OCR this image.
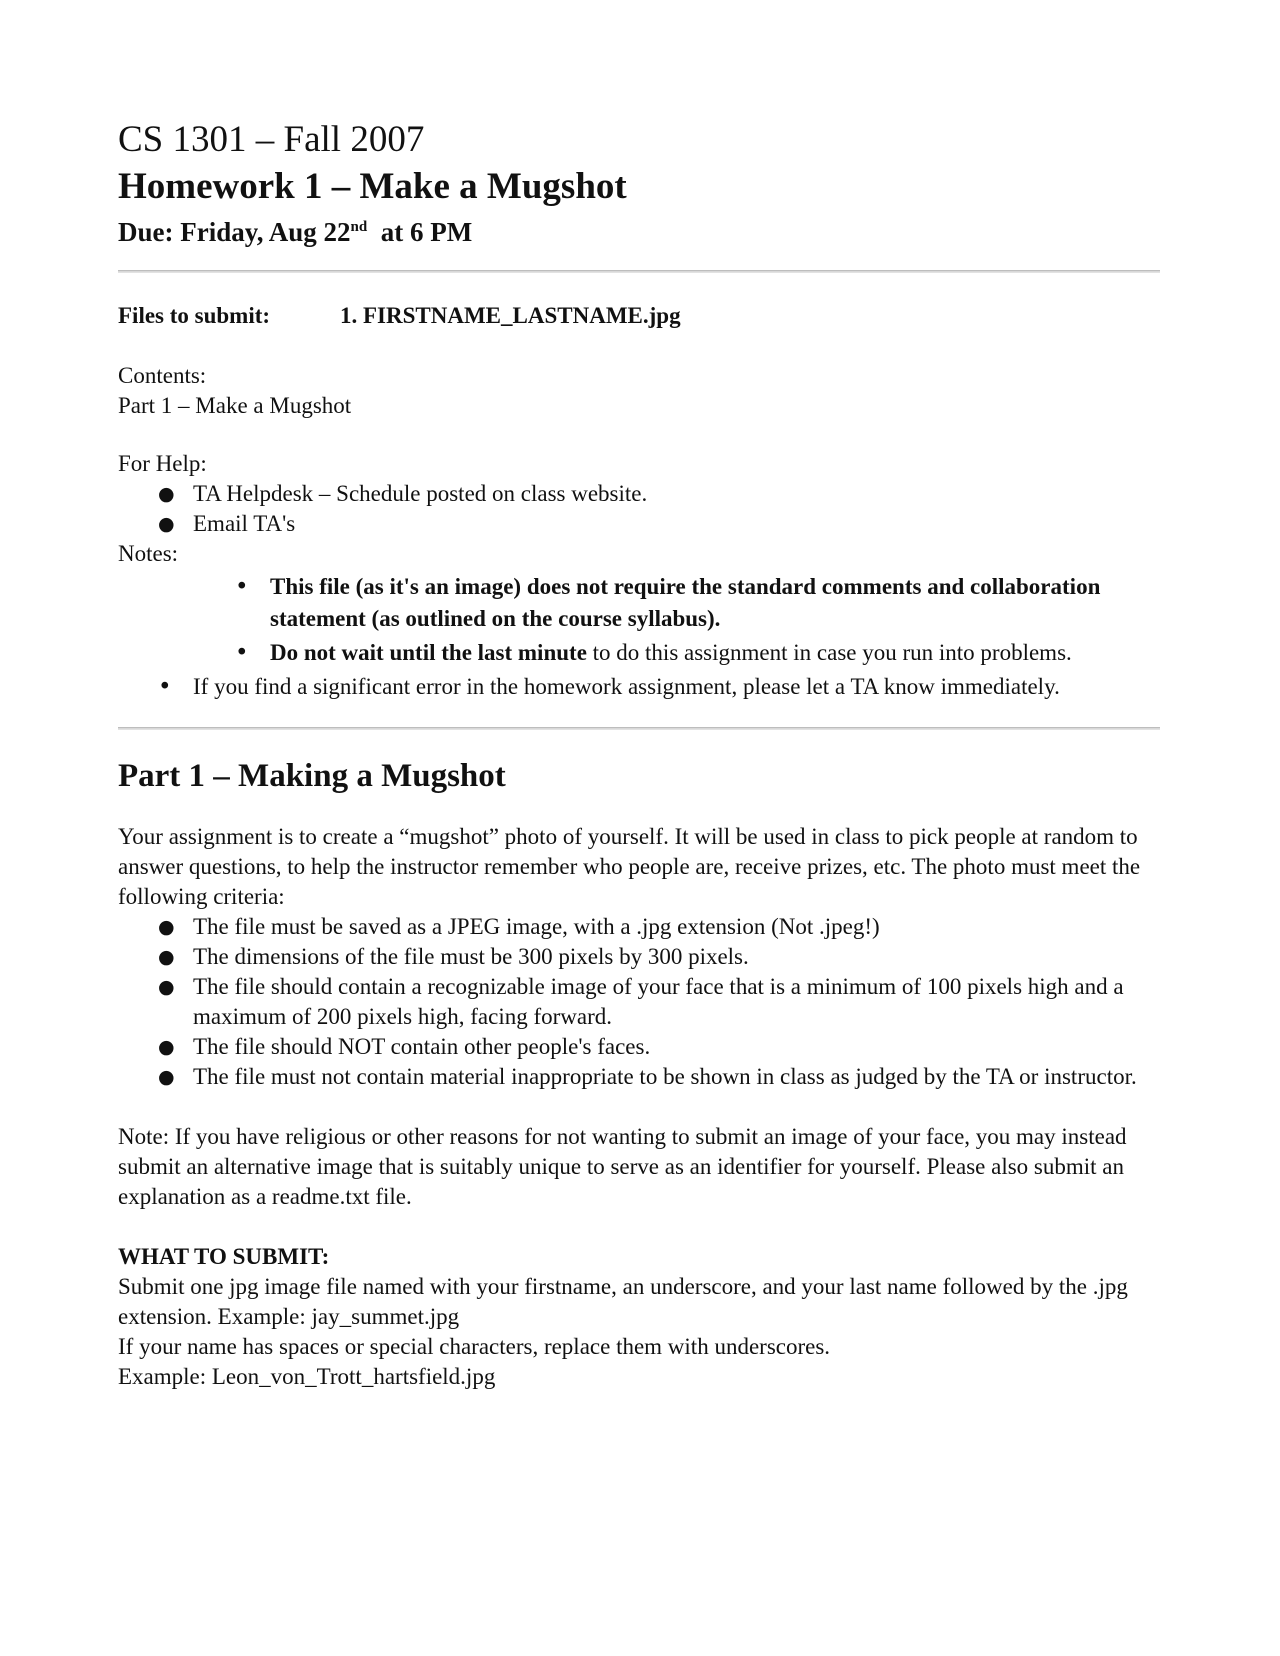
CS 1301 – Fall 2007
Homework 1 – Make a Mugshot
Due: Friday, Aug 22nd  at 6 PM
Files to submit:	1. FIRSTNAME_LASTNAME.jpg

Contents:

Part 1 – Make a Mugshot

For Help:

● TA Helpdesk – Schedule posted on class website.
● Email TA's

Notes:

• This file (as it's an image) does not require the standard comments and collaboration statement (as outlined on the course syllabus).
• Do not wait until the last minute to do this assignment in case you run into problems.
• If you find a significant error in the homework assignment, please let a TA know immediately.
Part 1 – Making a Mugshot

Your assignment is to create a “mugshot” photo of yourself. It will be used in class to pick people at random to answer questions, to help the instructor remember who people are, receive prizes, etc. The photo must meet the following criteria:

● The file must be saved as a JPEG image, with a .jpg extension (Not .jpeg!)
● The dimensions of the file must be 300 pixels by 300 pixels.
● The file should contain a recognizable image of your face that is a minimum of 100 pixels high and a maximum of 200 pixels high, facing forward.
● The file should NOT contain other people's faces.
● The file must not contain material inappropriate to be shown in class as judged by the TA or instructor.

Note: If you have religious or other reasons for not wanting to submit an image of your face, you may instead submit an alternative image that is suitably unique to serve as an identifier for yourself. Please also submit an explanation as a readme.txt file.

WHAT TO SUBMIT:

Submit one jpg image file named with your firstname, an underscore, and your last name followed by the .jpg extension. Example: jay_summet.jpg

If your name has spaces or special characters, replace them with underscores.

Example: Leon_von_Trott_hartsfield.jpg
